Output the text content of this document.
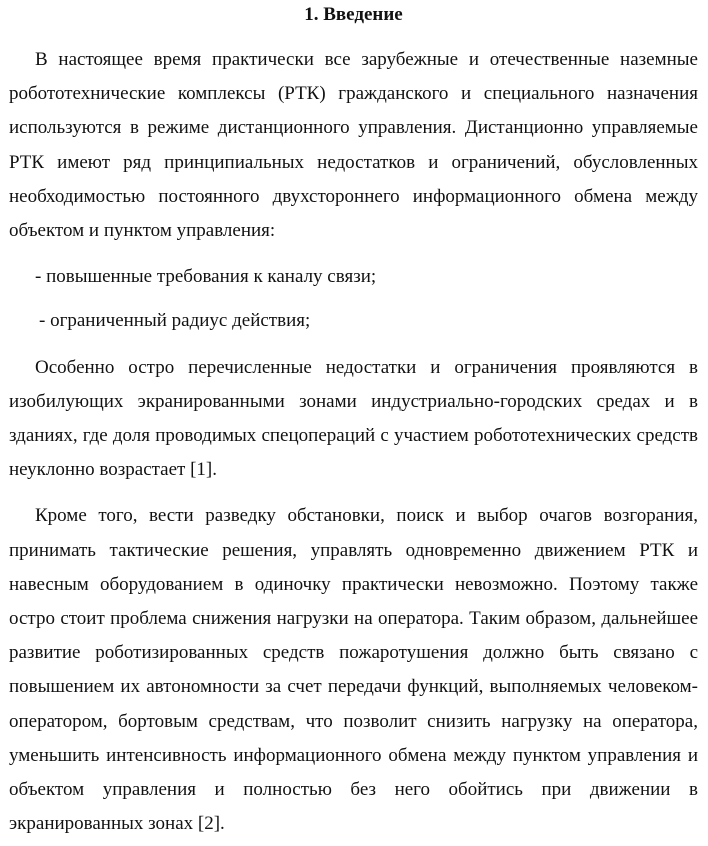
1. Введение

В настоящее время практически все зарубежные и отечественные наземные робототехнические комплексы (РТК) гражданского и специального назначения используются в режиме дистанционного управления. Дистанционно управляемые РТК имеют ряд принципиальных недостатков и ограничений, обусловленных необходимостью постоянного двухстороннего информационного обмена между объектом и пунктом управления:

- повышенные требования к каналу связи;

- ограниченный радиус действия;

Особенно остро перечисленные недостатки и ограничения проявляются в изобилующих экранированными зонами индустриально-городских средах и в зданиях, где доля проводимых спецопераций с участием робототехнических средств неуклонно возрастает [1].

Кроме того, вести разведку обстановки, поиск и выбор очагов возгорания, принимать тактические решения, управлять одновременно движением РТК и навесным оборудованием в одиночку практически невозможно. Поэтому также остро стоит проблема снижения нагрузки на оператора. Таким образом, дальнейшее развитие роботизированных средств пожаротушения должно быть связано с повышением их автономности за счет передачи функций, выполняемых человеком-оператором, бортовым средствам, что позволит снизить нагрузку на оператора, уменьшить интенсивность информационного обмена между пунктом управления и объектом управления и полностью без него обойтись при движении в экранированных зонах [2].
